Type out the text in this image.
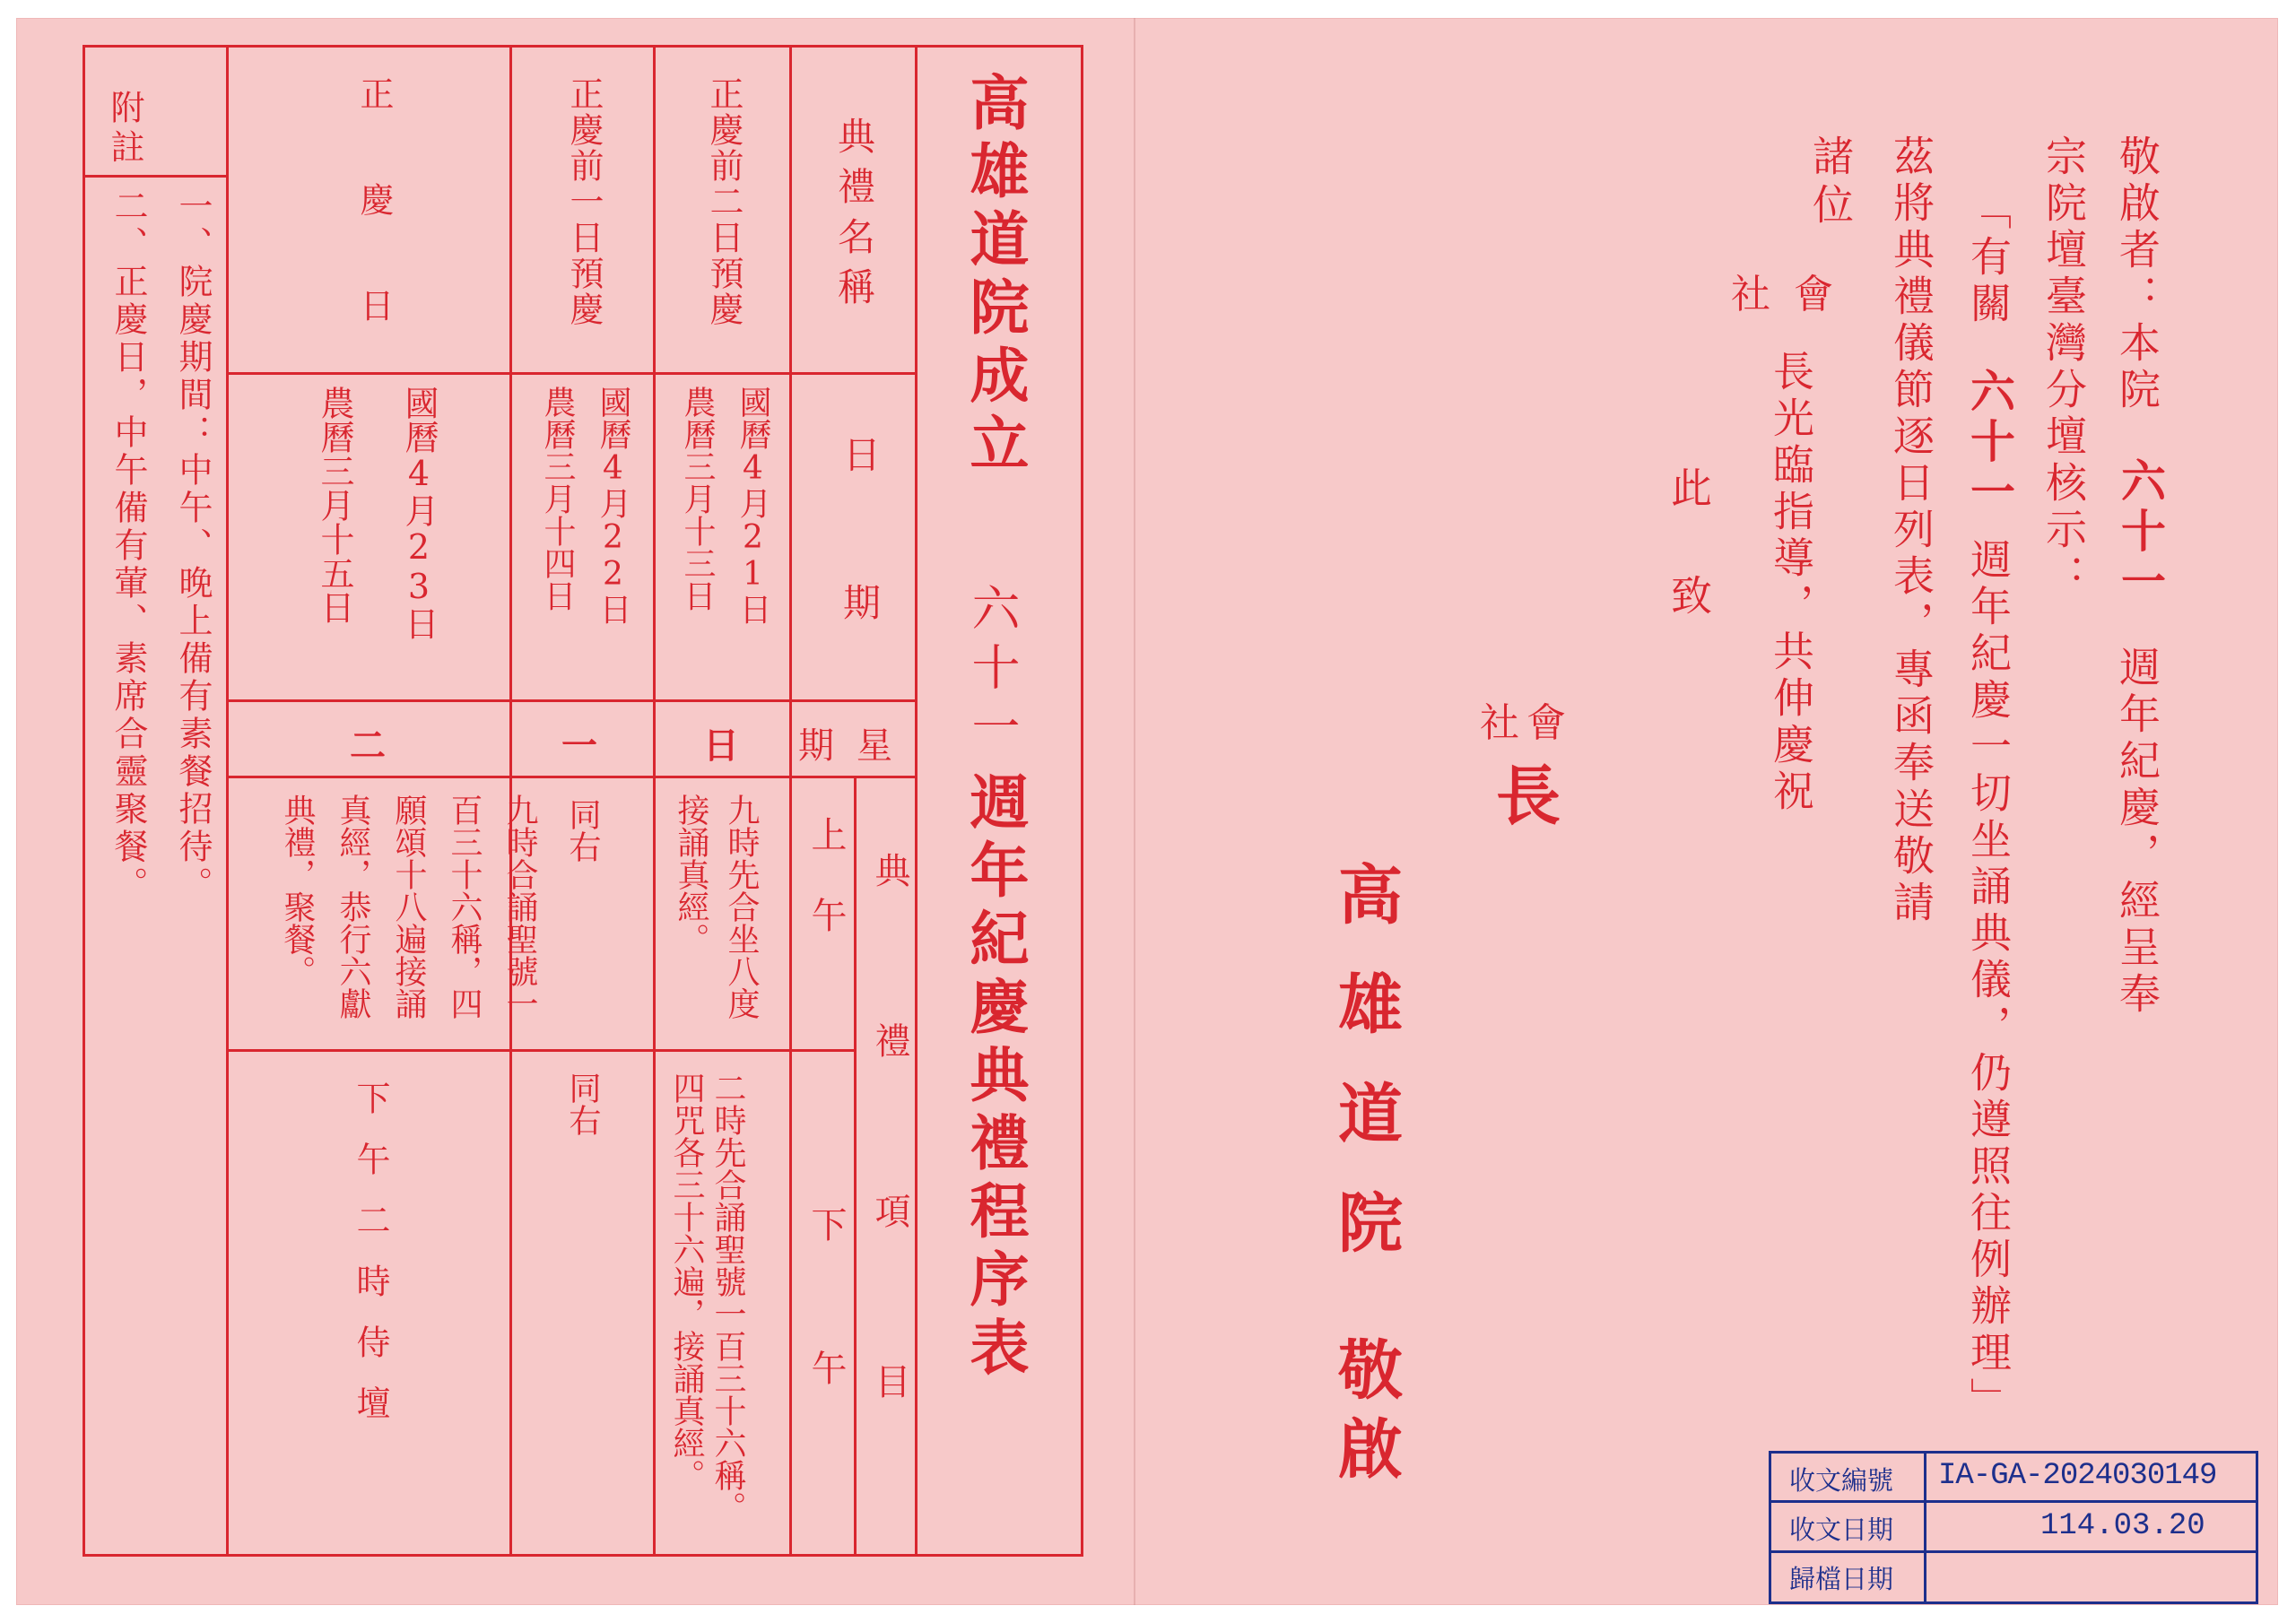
高雄道院成立
六十一
週年紀慶典禮程序表
典禮名稱
日
期
期 星
典禮項目
上午
下午
正慶前二日預慶
國曆4月21日
農曆三月十三日
日
九時先合坐八度接誦真經。
二時先合誦聖號一百三十六稱。四咒各三十六遍，接誦真經。
正慶前一日預慶
國曆4月22日
農曆三月十四日
一
同右
同右
正慶日
國曆4月23日
農曆三月十五日
二
九時合誦聖號一百三十六稱，四願頌十八遍接誦真經，恭行六獻典禮，聚餐。
下午二時侍壇
附註
一、院慶期間：中午、晚上備有素餐招待。
二、正慶日，中午備有葷、素席合靈聚餐。	敬啟者：本院
六十一
週年紀慶，經呈奉
宗院壇臺灣分壇核示：
「有關
六十一
週年紀慶一切坐誦典儀，仍遵照往例辦理」
茲將典禮儀節逐日列表，專函奉送敬請
諸位
會
社
長光臨指導，共伸慶祝
此
致
會
社
長
高雄道院
敬啟	收文編號
收文日期
歸檔日期
IA-GA-2024030149
114.03.20
